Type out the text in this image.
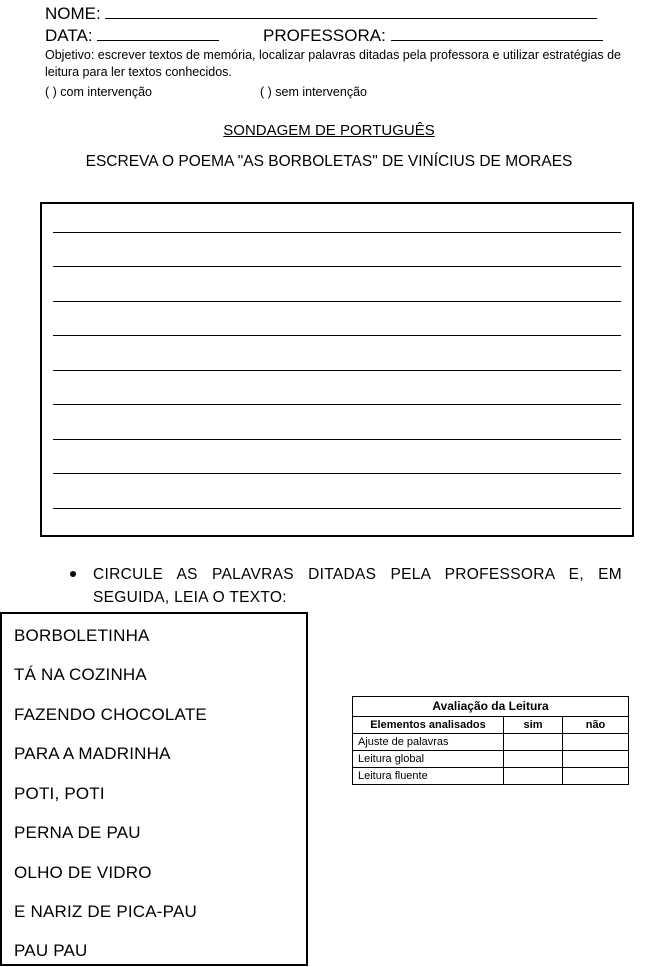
NOME:
DATA:	PROFESSORA:
Objetivo: escrever textos de memória, localizar palavras ditadas pela professora e utilizar estratégias de leitura para ler textos conhecidos.
( ) com intervenção	( ) sem intervenção
SONDAGEM DE PORTUGUÊS
ESCREVA O POEMA "AS BORBOLETAS" DE VINÍCIUS DE MORAES
CIRCULE AS PALAVRAS DITADAS PELA PROFESSORA E, EM SEGUIDA, LEIA O TEXTO:
BORBOLETINHA
TÁ NA COZINHA
FAZENDO CHOCOLATE
PARA A MADRINHA
POTI, POTI
PERNA DE PAU
OLHO DE VIDRO
E NARIZ DE PICA-PAU
PAU PAU
Avaliação da Leitura		
Elementos analisados	sim	não
Ajuste de palavras		
Leitura global		
Leitura fluente		
